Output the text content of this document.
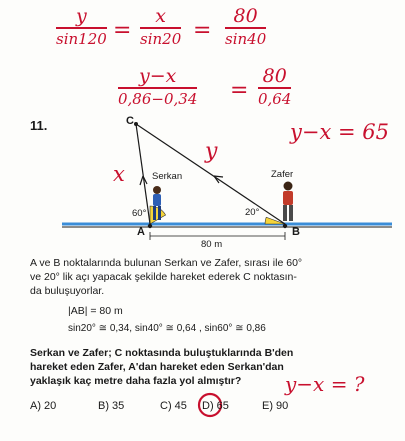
y
sin120 =
x
sin20 =
80
sin40
y−x
0,86−0,34 =
80
0,64
y−x = 65
11.
x
y
C
A	B
Serkan	Zafer
60°	20°
80 m
A ve B noktalarında bulunan Serkan ve Zafer, sırası ile 60°
ve 20° lik açı yapacak şekilde hareket ederek C noktasın-
da buluşuyorlar.
|AB| = 80 m
sin20° ≅ 0,34, sin40° ≅ 0,64 , sin60° ≅ 0,86
Serkan ve Zafer; C noktasında buluştuklarında B'den
hareket eden Zafer, A'dan hareket eden Serkan'dan
yaklaşık kaç metre daha fazla yol almıştır? y−x = ?
A) 20	B) 35	C) 45 D) 65	E) 90
